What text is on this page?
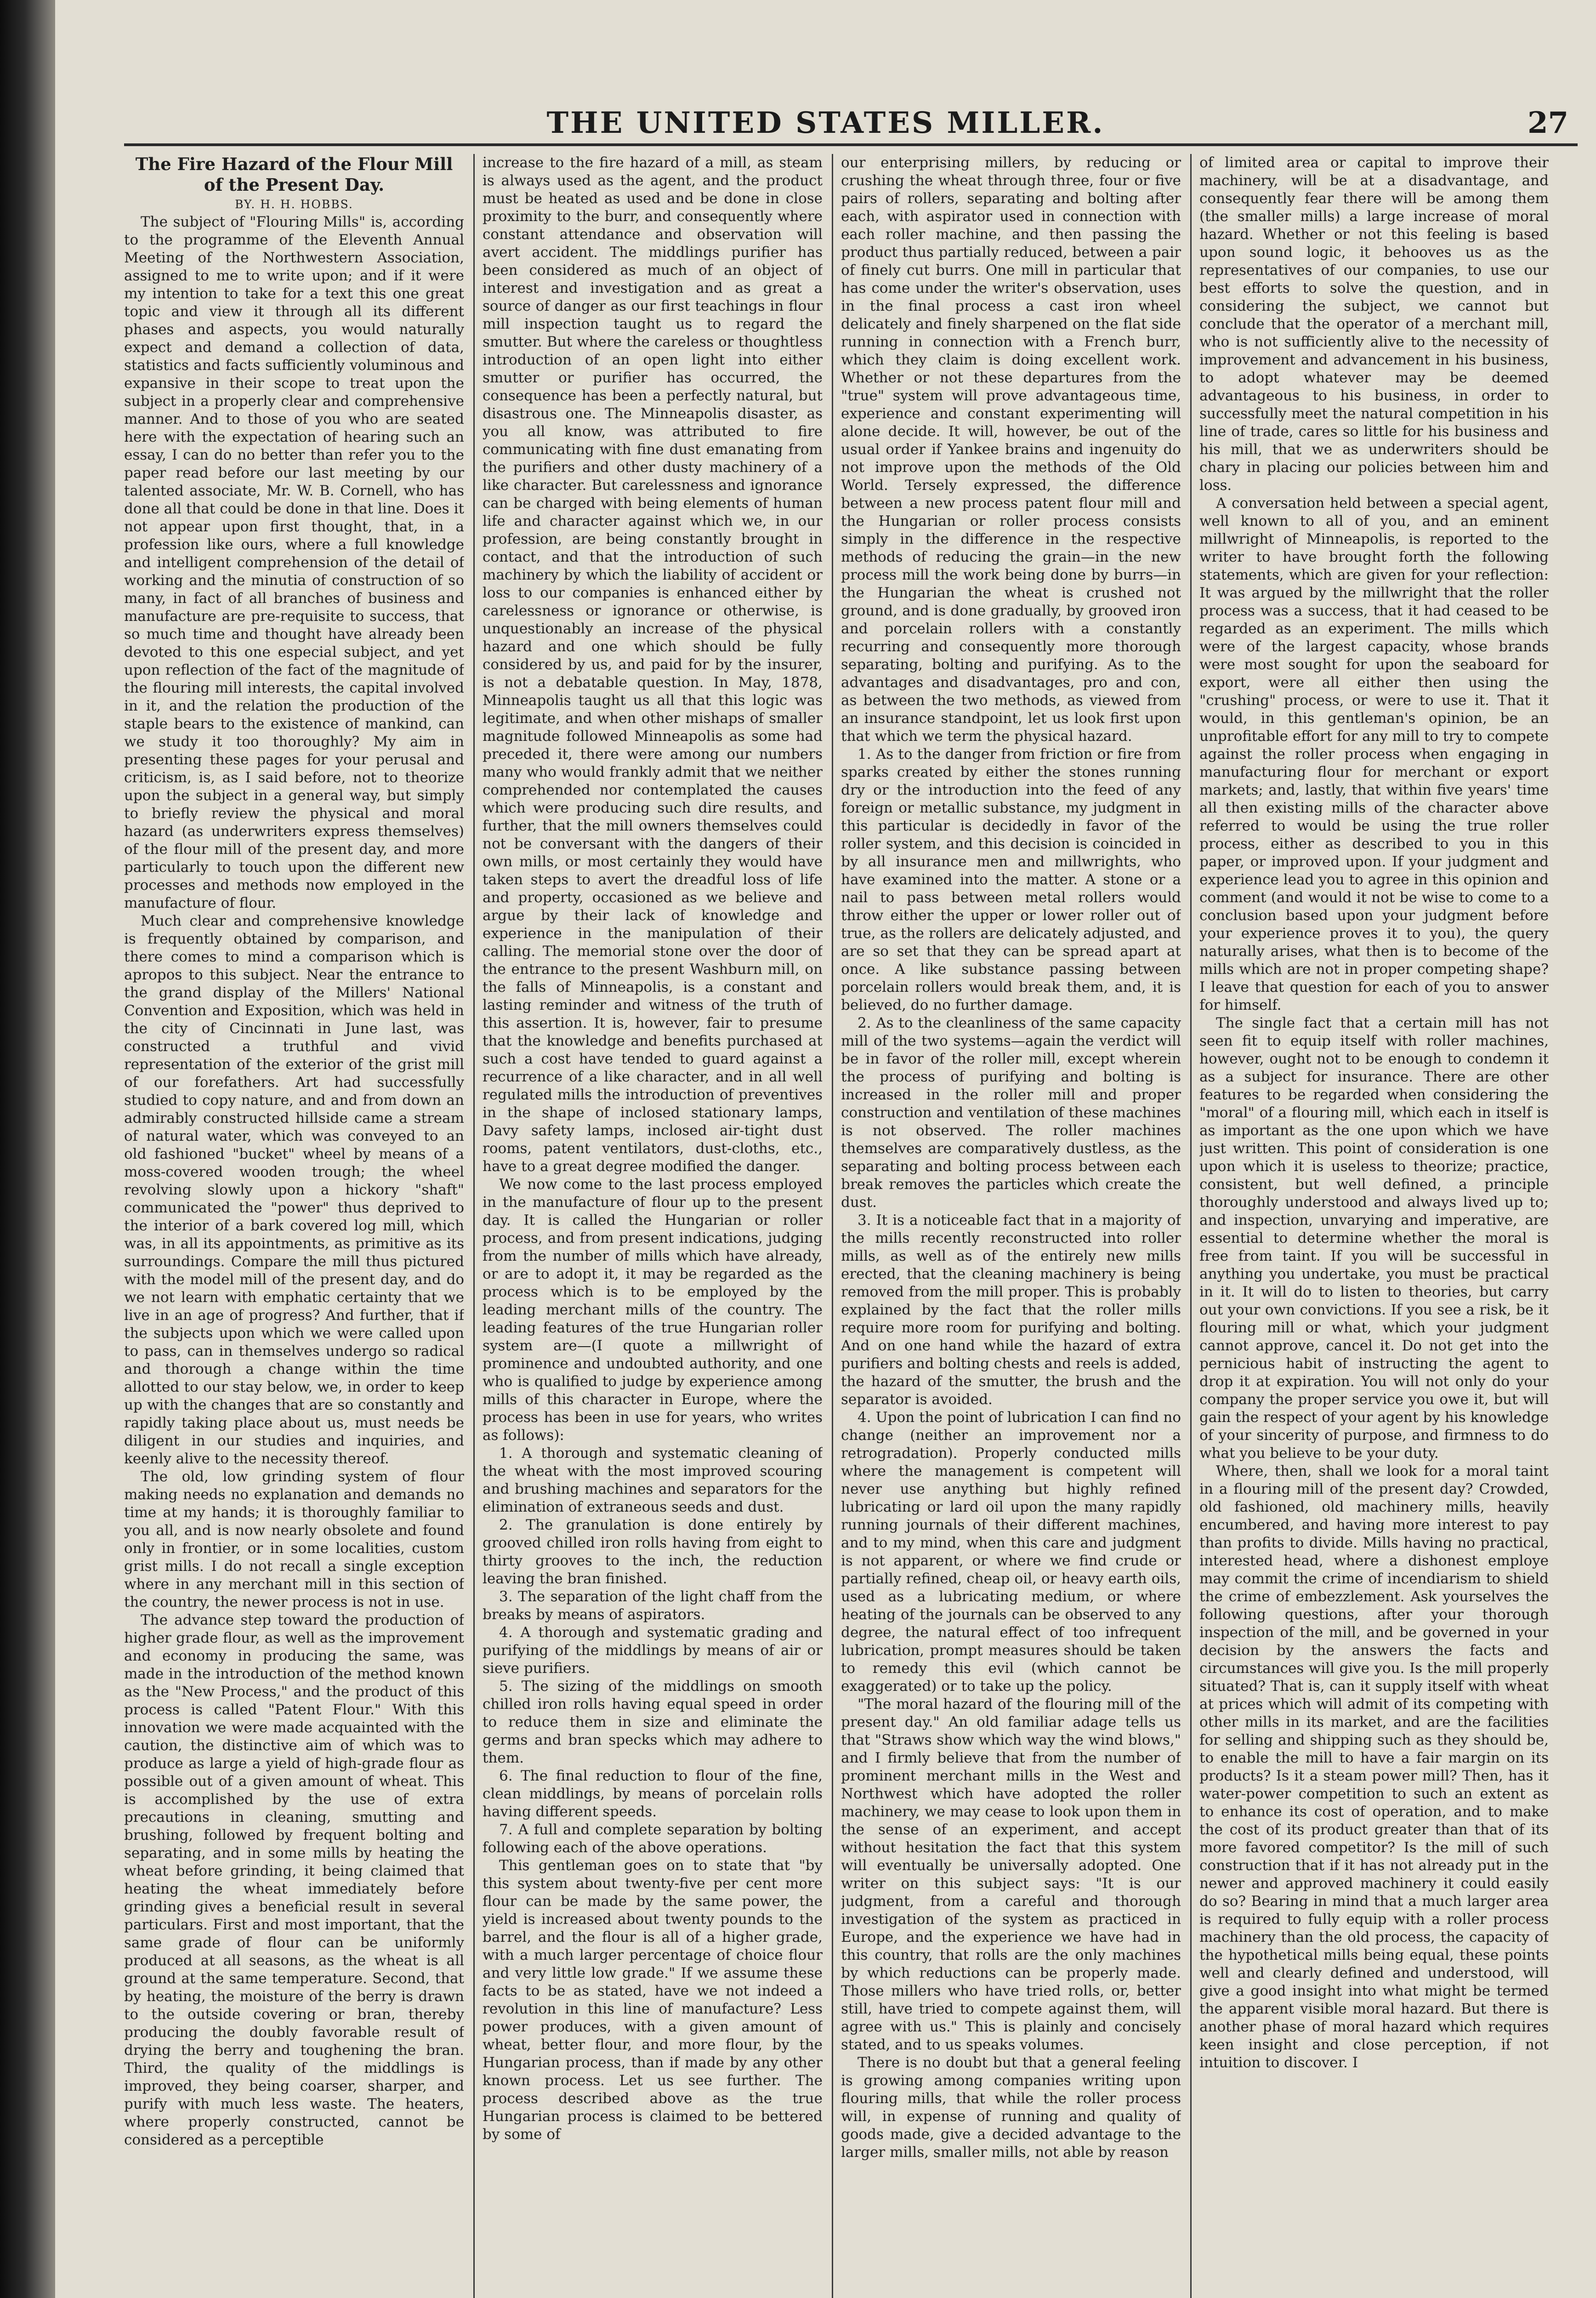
THE UNITED STATES MILLER.	27

The Fire Hazard of the Flour Mill of the Present Day.

BY. H. H. HOBBS.

The subject of "Flouring Mills" is, according to the programme of the Eleventh Annual Meeting of the Northwestern Association, assigned to me to write upon; and if it were my intention to take for a text this one great topic and view it through all its different phases and aspects, you would naturally expect and demand a collection of data, statistics and facts sufficiently voluminous and expansive in their scope to treat upon the subject in a properly clear and comprehensive manner. And to those of you who are seated here with the expectation of hearing such an essay, I can do no better than refer you to the paper read before our last meeting by our talented associate, Mr. W. B. Cornell, who has done all that could be done in that line. Does it not appear upon first thought, that, in a profession like ours, where a full knowledge and intelligent comprehension of the detail of working and the minutia of construction of so many, in fact of all branches of business and manufacture are pre-requisite to success, that so much time and thought have already been devoted to this one especial subject, and yet upon reflection of the fact of the magnitude of the flouring mill interests, the capital involved in it, and the relation the production of the staple bears to the existence of mankind, can we study it too thoroughly? My aim in presenting these pages for your perusal and criticism, is, as I said before, not to theorize upon the subject in a general way, but simply to briefly review the physical and moral hazard (as underwriters express themselves) of the flour mill of the present day, and more particularly to touch upon the different new processes and methods now employed in the manufacture of flour.

Much clear and comprehensive knowledge is frequently obtained by comparison, and there comes to mind a comparison which is apropos to this subject. Near the entrance to the grand display of the Millers' National Convention and Exposition, which was held in the city of Cincinnati in June last, was constructed a truthful and vivid representation of the exterior of the grist mill of our forefathers. Art had successfully studied to copy nature, and and from down an admirably constructed hillside came a stream of natural water, which was conveyed to an old fashioned "bucket" wheel by means of a moss-covered wooden trough; the wheel revolving slowly upon a hickory "shaft" communicated the "power" thus deprived to the interior of a bark covered log mill, which was, in all its appointments, as primitive as its surroundings. Compare the mill thus pictured with the model mill of the present day, and do we not learn with emphatic certainty that we live in an age of progress? And further, that if the subjects upon which we were called upon to pass, can in themselves undergo so radical and thorough a change within the time allotted to our stay below, we, in order to keep up with the changes that are so constantly and rapidly taking place about us, must needs be diligent in our studies and inquiries, and keenly alive to the necessity thereof.

The old, low grinding system of flour making needs no explanation and demands no time at my hands; it is thoroughly familiar to you all, and is now nearly obsolete and found only in frontier, or in some localities, custom grist mills. I do not recall a single exception where in any merchant mill in this section of the country, the newer process is not in use.

The advance step toward the production of higher grade flour, as well as the improvement and economy in producing the same, was made in the introduction of the method known as the "New Process," and the product of this process is called "Patent Flour." With this innovation we were made acquainted with the caution, the distinctive aim of which was to produce as large a yield of high-grade flour as possible out of a given amount of wheat. This is accomplished by the use of extra precautions in cleaning, smutting and brushing, followed by frequent bolting and separating, and in some mills by heating the wheat before grinding, it being claimed that heating the wheat immediately before grinding gives a beneficial result in several particulars. First and most important, that the same grade of flour can be uniformly produced at all seasons, as the wheat is all ground at the same temperature. Second, that by heating, the moisture of the berry is drawn to the outside covering or bran, thereby producing the doubly favorable result of drying the berry and toughening the bran. Third, the quality of the middlings is improved, they being coarser, sharper, and purify with much less waste. The heaters, where properly constructed, cannot be considered as a perceptible

increase to the fire hazard of a mill, as steam is always used as the agent, and the product must be heated as used and be done in close proximity to the burr, and consequently where constant attendance and observation will avert accident. The middlings purifier has been considered as much of an object of interest and investigation and as great a source of danger as our first teachings in flour mill inspection taught us to regard the smutter. But where the careless or thoughtless introduction of an open light into either smutter or purifier has occurred, the consequence has been a perfectly natural, but disastrous one. The Minneapolis disaster, as you all know, was attributed to fire communicating with fine dust emanating from the purifiers and other dusty machinery of a like character. But carelessness and ignorance can be charged with being elements of human life and character against which we, in our profession, are being constantly brought in contact, and that the introduction of such machinery by which the liability of accident or loss to our companies is enhanced either by carelessness or ignorance or otherwise, is unquestionably an increase of the physical hazard and one which should be fully considered by us, and paid for by the insurer, is not a debatable question. In May, 1878, Minneapolis taught us all that this logic was legitimate, and when other mishaps of smaller magnitude followed Minneapolis as some had preceded it, there were among our numbers many who would frankly admit that we neither comprehended nor contemplated the causes which were producing such dire results, and further, that the mill owners themselves could not be conversant with the dangers of their own mills, or most certainly they would have taken steps to avert the dreadful loss of life and property, occasioned as we believe and argue by their lack of knowledge and experience in the manipulation of their calling. The memorial stone over the door of the entrance to the present Washburn mill, on the falls of Minneapolis, is a constant and lasting reminder and witness of the truth of this assertion. It is, however, fair to presume that the knowledge and benefits purchased at such a cost have tended to guard against a recurrence of a like character, and in all well regulated mills the introduction of preventives in the shape of inclosed stationary lamps, Davy safety lamps, inclosed air-tight dust rooms, patent ventilators, dust-cloths, etc., have to a great degree modified the danger.

We now come to the last process employed in the manufacture of flour up to the present day. It is called the Hungarian or roller process, and from present indications, judging from the number of mills which have already, or are to adopt it, it may be regarded as the process which is to be employed by the leading merchant mills of the country. The leading features of the true Hungarian roller system are—(I quote a millwright of prominence and undoubted authority, and one who is qualified to judge by experience among mills of this character in Europe, where the process has been in use for years, who writes as follows):

1. A thorough and systematic cleaning of the wheat with the most improved scouring and brushing machines and separators for the elimination of extraneous seeds and dust.

2. The granulation is done entirely by grooved chilled iron rolls having from eight to thirty grooves to the inch, the reduction leaving the bran finished.

3. The separation of the light chaff from the breaks by means of aspirators.

4. A thorough and systematic grading and purifying of the middlings by means of air or sieve purifiers.

5. The sizing of the middlings on smooth chilled iron rolls having equal speed in order to reduce them in size and eliminate the germs and bran specks which may adhere to them.

6. The final reduction to flour of the fine, clean middlings, by means of porcelain rolls having different speeds.

7. A full and complete separation by bolting following each of the above operations.

This gentleman goes on to state that "by this system about twenty-five per cent more flour can be made by the same power, the yield is increased about twenty pounds to the barrel, and the flour is all of a higher grade, with a much larger percentage of choice flour and very little low grade." If we assume these facts to be as stated, have we not indeed a revolution in this line of manufacture? Less power produces, with a given amount of wheat, better flour, and more flour, by the Hungarian process, than if made by any other known process. Let us see further. The process described above as the true Hungarian process is claimed to be bettered by some of

our enterprising millers, by reducing or crushing the wheat through three, four or five pairs of rollers, separating and bolting after each, with aspirator used in connection with each roller machine, and then passing the product thus partially reduced, between a pair of finely cut burrs. One mill in particular that has come under the writer's observation, uses in the final process a cast iron wheel delicately and finely sharpened on the flat side running in connection with a French burr, which they claim is doing excellent work. Whether or not these departures from the "true" system will prove advantageous time, experience and constant experimenting will alone decide. It will, however, be out of the usual order if Yankee brains and ingenuity do not improve upon the methods of the Old World. Tersely expressed, the difference between a new process patent flour mill and the Hungarian or roller process consists simply in the difference in the respective methods of reducing the grain—in the new process mill the work being done by burrs—in the Hungarian the wheat is crushed not ground, and is done gradually, by grooved iron and porcelain rollers with a constantly recurring and consequently more thorough separating, bolting and purifying. As to the advantages and disadvantages, pro and con, as between the two methods, as viewed from an insurance standpoint, let us look first upon that which we term the physical hazard.

1. As to the danger from friction or fire from sparks created by either the stones running dry or the introduction into the feed of any foreign or metallic substance, my judgment in this particular is decidedly in favor of the roller system, and this decision is coincided in by all insurance men and millwrights, who have examined into the matter. A stone or a nail to pass between metal rollers would throw either the upper or lower roller out of true, as the rollers are delicately adjusted, and are so set that they can be spread apart at once. A like substance passing between porcelain rollers would break them, and, it is believed, do no further damage.

2. As to the cleanliness of the same capacity mill of the two systems—again the verdict will be in favor of the roller mill, except wherein the process of purifying and bolting is increased in the roller mill and proper construction and ventilation of these machines is not observed. The roller machines themselves are comparatively dustless, as the separating and bolting process between each break removes the particles which create the dust.

3. It is a noticeable fact that in a majority of the mills recently reconstructed into roller mills, as well as of the entirely new mills erected, that the cleaning machinery is being removed from the mill proper. This is probably explained by the fact that the roller mills require more room for purifying and bolting. And on one hand while the hazard of extra purifiers and bolting chests and reels is added, the hazard of the smutter, the brush and the separator is avoided.

4. Upon the point of lubrication I can find no change (neither an improvement nor a retrogradation). Properly conducted mills where the management is competent will never use anything but highly refined lubricating or lard oil upon the many rapidly running journals of their different machines, and to my mind, when this care and judgment is not apparent, or where we find crude or partially refined, cheap oil, or heavy earth oils, used as a lubricating medium, or where heating of the journals can be observed to any degree, the natural effect of too infrequent lubrication, prompt measures should be taken to remedy this evil (which cannot be exaggerated) or to take up the policy.

"The moral hazard of the flouring mill of the present day." An old familiar adage tells us that "Straws show which way the wind blows," and I firmly believe that from the number of prominent merchant mills in the West and Northwest which have adopted the roller machinery, we may cease to look upon them in the sense of an experiment, and accept without hesitation the fact that this system will eventually be universally adopted. One writer on this subject says: "It is our judgment, from a careful and thorough investigation of the system as practiced in Europe, and the experience we have had in this country, that rolls are the only machines by which reductions can be properly made. Those millers who have tried rolls, or, better still, have tried to compete against them, will agree with us." This is plainly and concisely stated, and to us speaks volumes.

There is no doubt but that a general feeling is growing among companies writing upon flouring mills, that while the roller process will, in expense of running and quality of goods made, give a decided advantage to the larger mills, smaller mills, not able by reason

of limited area or capital to improve their machinery, will be at a disadvantage, and consequently fear there will be among them (the smaller mills) a large increase of moral hazard. Whether or not this feeling is based upon sound logic, it behooves us as the representatives of our companies, to use our best efforts to solve the question, and in considering the subject, we cannot but conclude that the operator of a merchant mill, who is not sufficiently alive to the necessity of improvement and advancement in his business, to adopt whatever may be deemed advantageous to his business, in order to successfully meet the natural competition in his line of trade, cares so little for his business and his mill, that we as underwriters should be chary in placing our policies between him and loss.

A conversation held between a special agent, well known to all of you, and an eminent millwright of Minneapolis, is reported to the writer to have brought forth the following statements, which are given for your reflection: It was argued by the millwright that the roller process was a success, that it had ceased to be regarded as an experiment. The mills which were of the largest capacity, whose brands were most sought for upon the seaboard for export, were all either then using the "crushing" process, or were to use it. That it would, in this gentleman's opinion, be an unprofitable effort for any mill to try to compete against the roller process when engaging in manufacturing flour for merchant or export markets; and, lastly, that within five years' time all then existing mills of the character above referred to would be using the true roller process, either as described to you in this paper, or improved upon. If your judgment and experience lead you to agree in this opinion and comment (and would it not be wise to come to a conclusion based upon your judgment before your experience proves it to you), the query naturally arises, what then is to become of the mills which are not in proper competing shape? I leave that question for each of you to answer for himself.

The single fact that a certain mill has not seen fit to equip itself with roller machines, however, ought not to be enough to condemn it as a subject for insurance. There are other features to be regarded when considering the "moral" of a flouring mill, which each in itself is as important as the one upon which we have just written. This point of consideration is one upon which it is useless to theorize; practice, consistent, but well defined, a principle thoroughly understood and always lived up to; and inspection, unvarying and imperative, are essential to determine whether the moral is free from taint. If you will be successful in anything you undertake, you must be practical in it. It will do to listen to theories, but carry out your own convictions. If you see a risk, be it flouring mill or what, which your judgment cannot approve, cancel it. Do not get into the pernicious habit of instructing the agent to drop it at expiration. You will not only do your company the proper service you owe it, but will gain the respect of your agent by his knowledge of your sincerity of purpose, and firmness to do what you believe to be your duty.

Where, then, shall we look for a moral taint in a flouring mill of the present day? Crowded, old fashioned, old machinery mills, heavily encumbered, and having more interest to pay than profits to divide. Mills having no practical, interested head, where a dishonest employe may commit the crime of incendiarism to shield the crime of embezzlement. Ask yourselves the following questions, after your thorough inspection of the mill, and be governed in your decision by the answers the facts and circumstances will give you. Is the mill properly situated? That is, can it supply itself with wheat at prices which will admit of its competing with other mills in its market, and are the facilities for selling and shipping such as they should be, to enable the mill to have a fair margin on its products? Is it a steam power mill? Then, has it water-power competition to such an extent as to enhance its cost of operation, and to make the cost of its product greater than that of its more favored competitor? Is the mill of such construction that if it has not already put in the newer and approved machinery it could easily do so? Bearing in mind that a much larger area is required to fully equip with a roller process machinery than the old process, the capacity of the hypothetical mills being equal, these points well and clearly defined and understood, will give a good insight into what might be termed the apparent visible moral hazard. But there is another phase of moral hazard which requires keen insight and close perception, if not intuition to discover. I
